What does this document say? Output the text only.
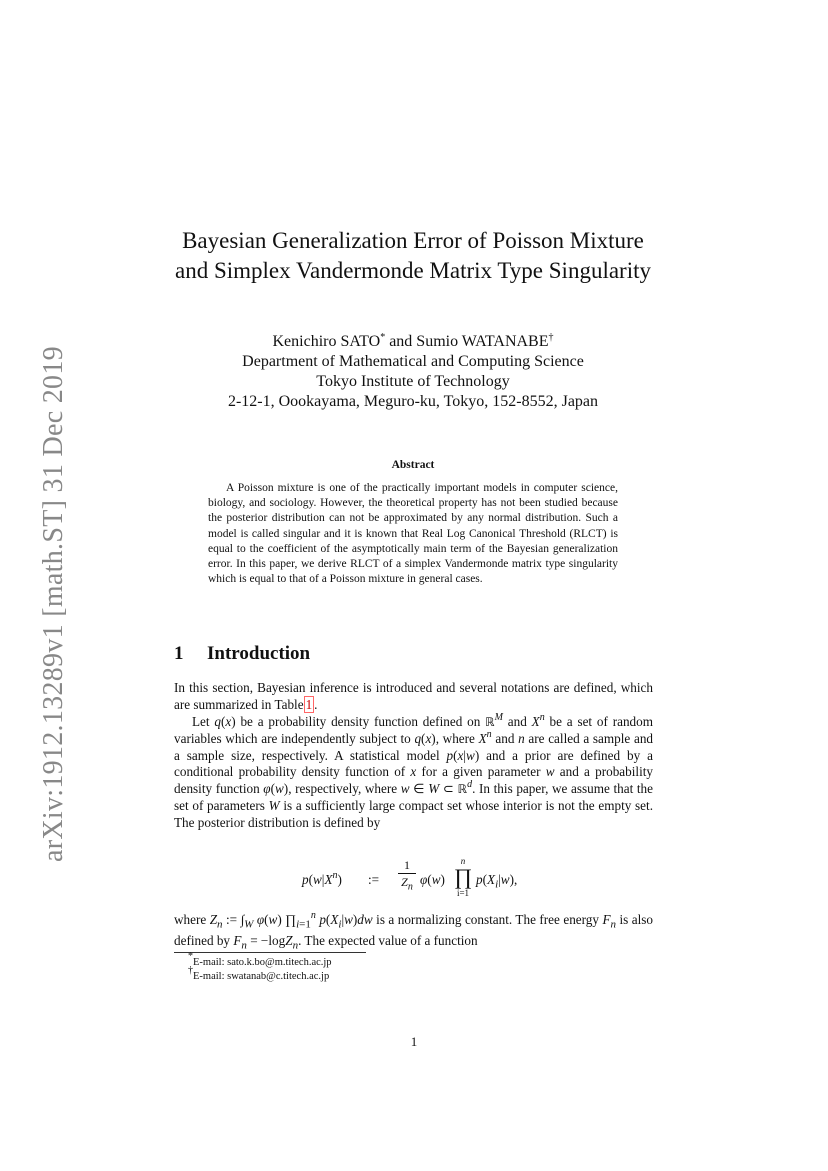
arXiv:1912.13289v1 [math.ST] 31 Dec 2019
Bayesian Generalization Error of Poisson Mixture and Simplex Vandermonde Matrix Type Singularity
Kenichiro SATO* and Sumio WATANABE†
Department of Mathematical and Computing Science
Tokyo Institute of Technology
2-12-1, Oookayama, Meguro-ku, Tokyo, 152-8552, Japan
Abstract

A Poisson mixture is one of the practically important models in computer science, biology, and sociology. However, the theoretical property has not been studied because the posterior distribution can not be approximated by any normal distribution. Such a model is called singular and it is known that Real Log Canonical Threshold (RLCT) is equal to the coefficient of the asymptotically main term of the Bayesian generalization error. In this paper, we derive RLCT of a simplex Vandermonde matrix type singularity which is equal to that of a Poisson mixture in general cases.

1 Introduction

In this section, Bayesian inference is introduced and several notations are defined, which are summarized in Table 1 .

Let q(x) be a probability density function defined on ℝ$^M$ and $X^n$ be a set of random variables which are independently subject to q(x), where $X^n$ and n are called a sample and a sample size, respectively. A statistical model p(x|w) and a prior are defined by a conditional probability density function of x for a given parameter w and a probability density function φ(w), respectively, where w ∈ W ⊂ ℝ$^d$. In this paper, we assume that the set of parameters W is a sufficiently large compact set whose interior is not the empty set. The posterior distribution is defined by

$p(w|X^n)$ :=
1
$Z_n$ φ(w)
n
∏
i=1
$p(X_i|w)$,

where $Z_n$ := $\int_W$ φ(w) $\prod_{i=1}^n$ $p(X_i|w)dw$ is a normalizing constant. The free energy $F_n$ is also defined by $F_n = -\log Z_n$. The expected value of a function

*E-mail: sato.k.bo@m.titech.ac.jp
†E-mail: swatanab@c.titech.ac.jp
1
